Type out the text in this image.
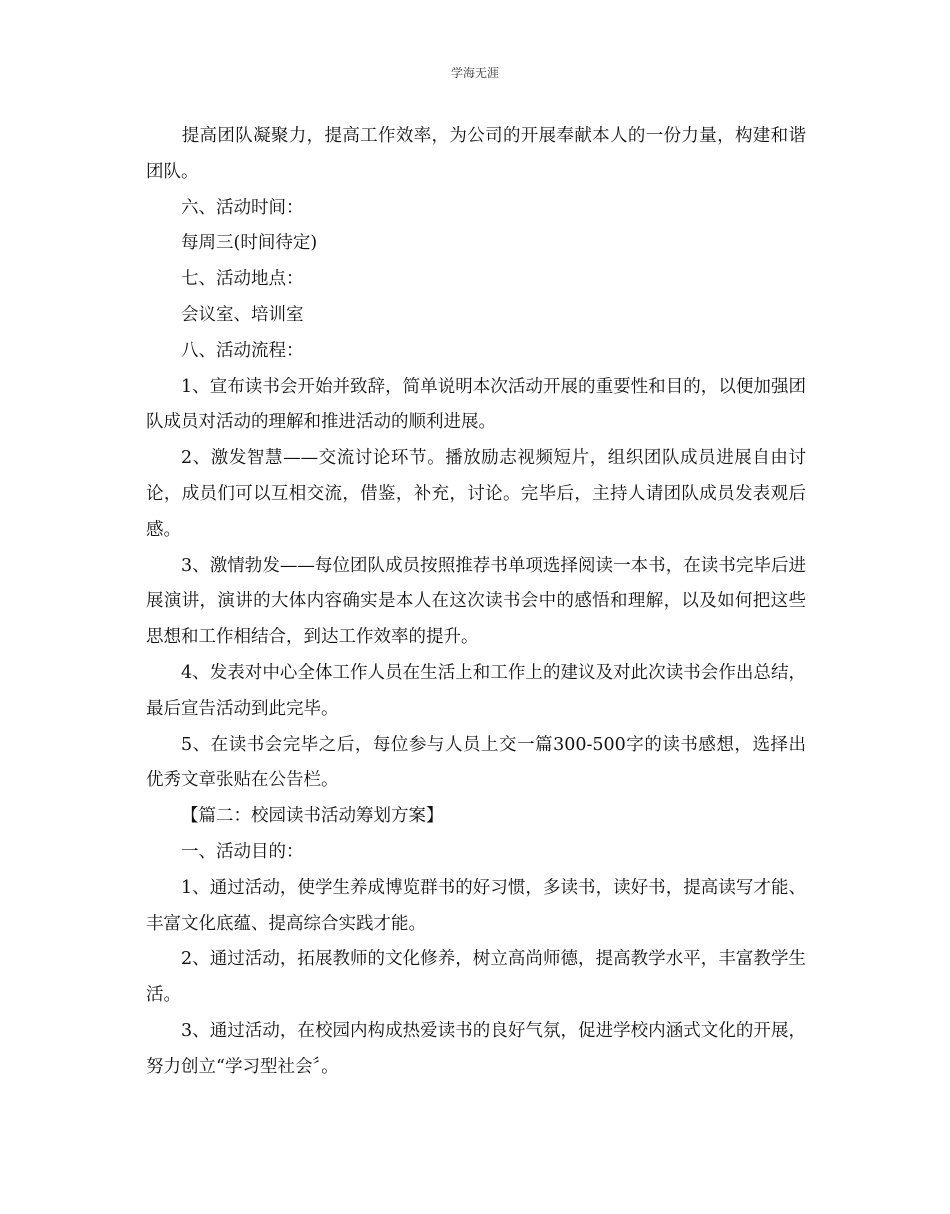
学海无涯

　　提高团队凝聚力，提高工作效率，为公司的开展奉献本人的一份力量，构建和谐团队。

六、活动时间：

每周三(时间待定)

七、活动地点：

会议室、培训室

八、活动流程：

1、宣布读书会开始并致辞，简单说明本次活动开展的重要性和目的，以便加强团队成员对活动的理解和推进活动的顺利进展。

2、激发智慧——交流讨论环节。播放励志视频短片，组织团队成员进展自由讨论，成员们可以互相交流，借鉴，补充，讨论。完毕后，主持人请团队成员发表观后感。

3、激情勃发——每位团队成员按照推荐书单项选择阅读一本书，在读书完毕后进展演讲，演讲的大体内容确实是本人在这次读书会中的感悟和理解，以及如何把这些思想和工作相结合，到达工作效率的提升。

4、发表对中心全体工作人员在生活上和工作上的建议及对此次读书会作出总结，最后宣告活动到此完毕。

5、在读书会完毕之后，每位参与人员上交一篇300-500字的读书感想，选择出优秀文章张贴在公告栏。

【篇二：校园读书活动筹划方案】

一、活动目的：

1、通过活动，使学生养成博览群书的好习惯，多读书，读好书，提高读写才能、丰富文化底蕴、提高综合实践才能。

2、通过活动，拓展教师的文化修养，树立高尚师德，提高教学水平，丰富教学生活。

3、通过活动，在校园内构成热爱读书的良好气氛，促进学校内涵式文化的开展，努力创立“学习型社会〞。
